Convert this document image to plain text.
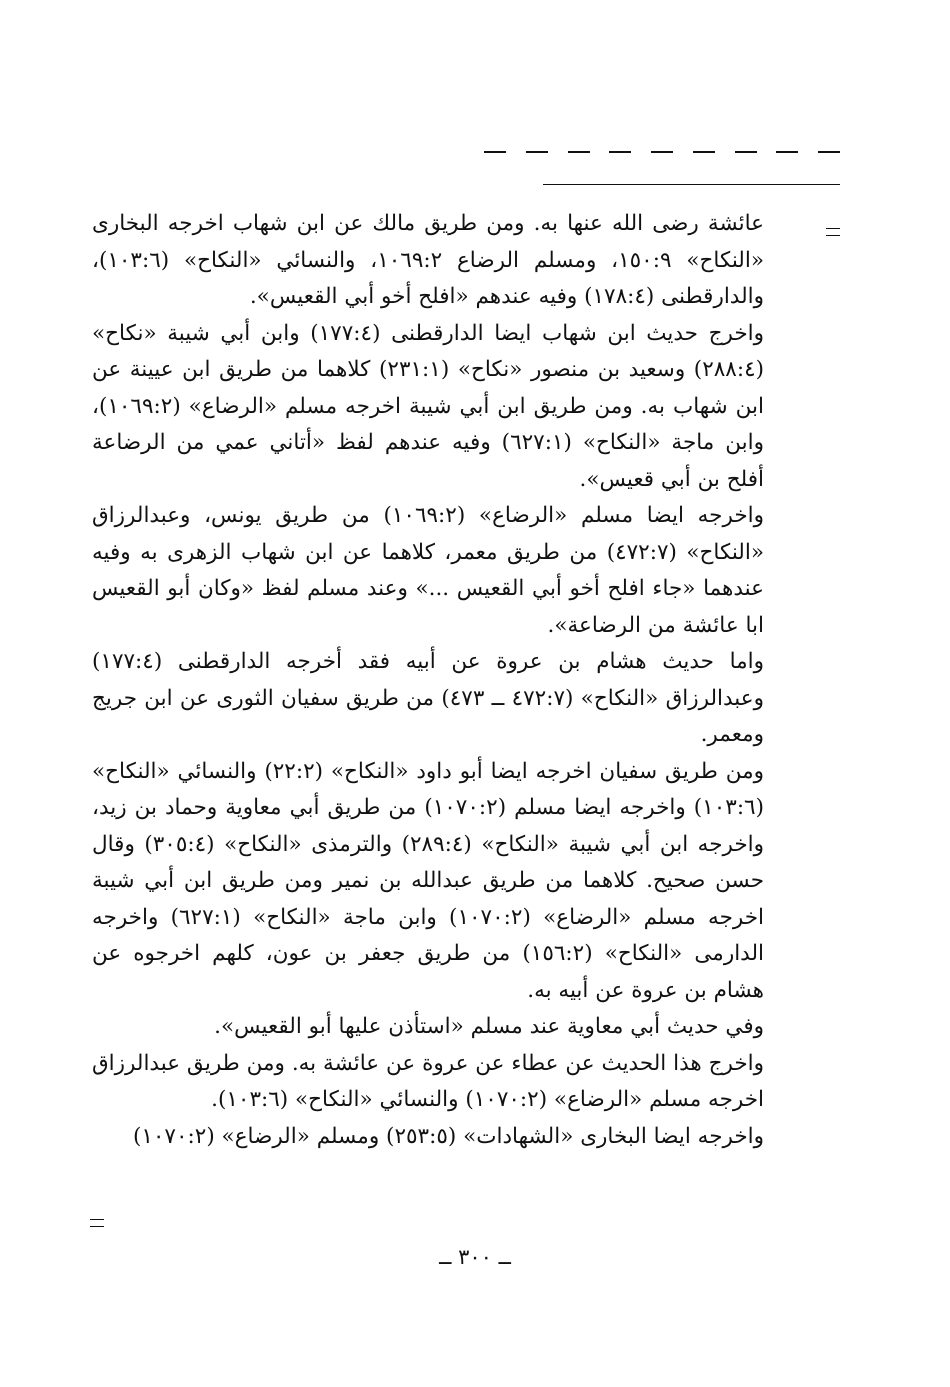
عائشة رضى الله عنها به. ومن طريق مالك عن ابن شهاب اخرجه البخارى «النكاح» ٩:‏١٥٠، ومسلم الرضاع ١٠٦٩:٢، والنسائي «النكاح» (١٠٣:٦)، والدارقطنى (١٧٨:٤) وفيه عندهم «افلح أخو أبي القعيس».

واخرج حديث ابن شهاب ايضا الدارقطنى (١٧٧:٤) وابن أبي شيبة «نكاح» (٢٨٨:٤) وسعيد بن منصور «نكاح» (٢٣١:١) كلاهما من طريق ابن عيينة عن ابن شهاب به. ومن طريق ابن أبي شيبة اخرجه مسلم «الرضاع» (١٠٦٩:٢)، وابن ماجة «النكاح» (٦٢٧:١) وفيه عندهم لفظ «أتاني عمي من الرضاعة أفلح بن أبي قعيس».

واخرجه ايضا مسلم «الرضاع» (١٠٦٩:٢) من طريق يونس، وعبدالرزاق «النكاح» (٤٧٢:٧) من طريق معمر، كلاهما عن ابن شهاب الزهرى به وفيه عندهما «جاء افلح أخو أبي القعيس ...» وعند مسلم لفظ «وكان أبو القعيس ابا عائشة من الرضاعة».

واما حديث هشام بن عروة عن أبيه فقد أخرجه الدارقطنى (١٧٧:٤) وعبدالرزاق «النكاح» (٤٧٢:٧ ــ ٤٧٣) من طريق سفيان الثورى عن ابن جريج ومعمر.

ومن طريق سفيان اخرجه ايضا أبو داود «النكاح» (٢٢:٢) والنسائي «النكاح» (١٠٣:٦) واخرجه ايضا مسلم (١٠٧٠:٢) من طريق أبي معاوية وحماد بن زيد، واخرجه ابن أبي شيبة «النكاح» (٢٨٩:٤) والترمذى «النكاح» (٣٠٥:٤) وقال حسن صحيح. كلاهما من طريق عبدالله بن نمير ومن طريق ابن أبي شيبة اخرجه مسلم «الرضاع» (١٠٧٠:٢) وابن ماجة «النكاح» (٦٢٧:١) واخرجه الدارمى «النكاح» (١٥٦:٢) من طريق جعفر بن عون، كلهم اخرجوه عن هشام بن عروة عن أبيه به.

وفي حديث أبي معاوية عند مسلم «استأذن عليها أبو القعيس».

واخرج هذا الحديث عن عطاء عن عروة عن عائشة به. ومن طريق عبدالرزاق اخرجه مسلم «الرضاع» (١٠٧٠:٢) والنسائي «النكاح» (١٠٣:٦).

واخرجه ايضا البخارى «الشهادات» (٢٥٣:٥) ومسلم «الرضاع» (١٠٧٠:٢)

ــ ٣٠٠ ــ
